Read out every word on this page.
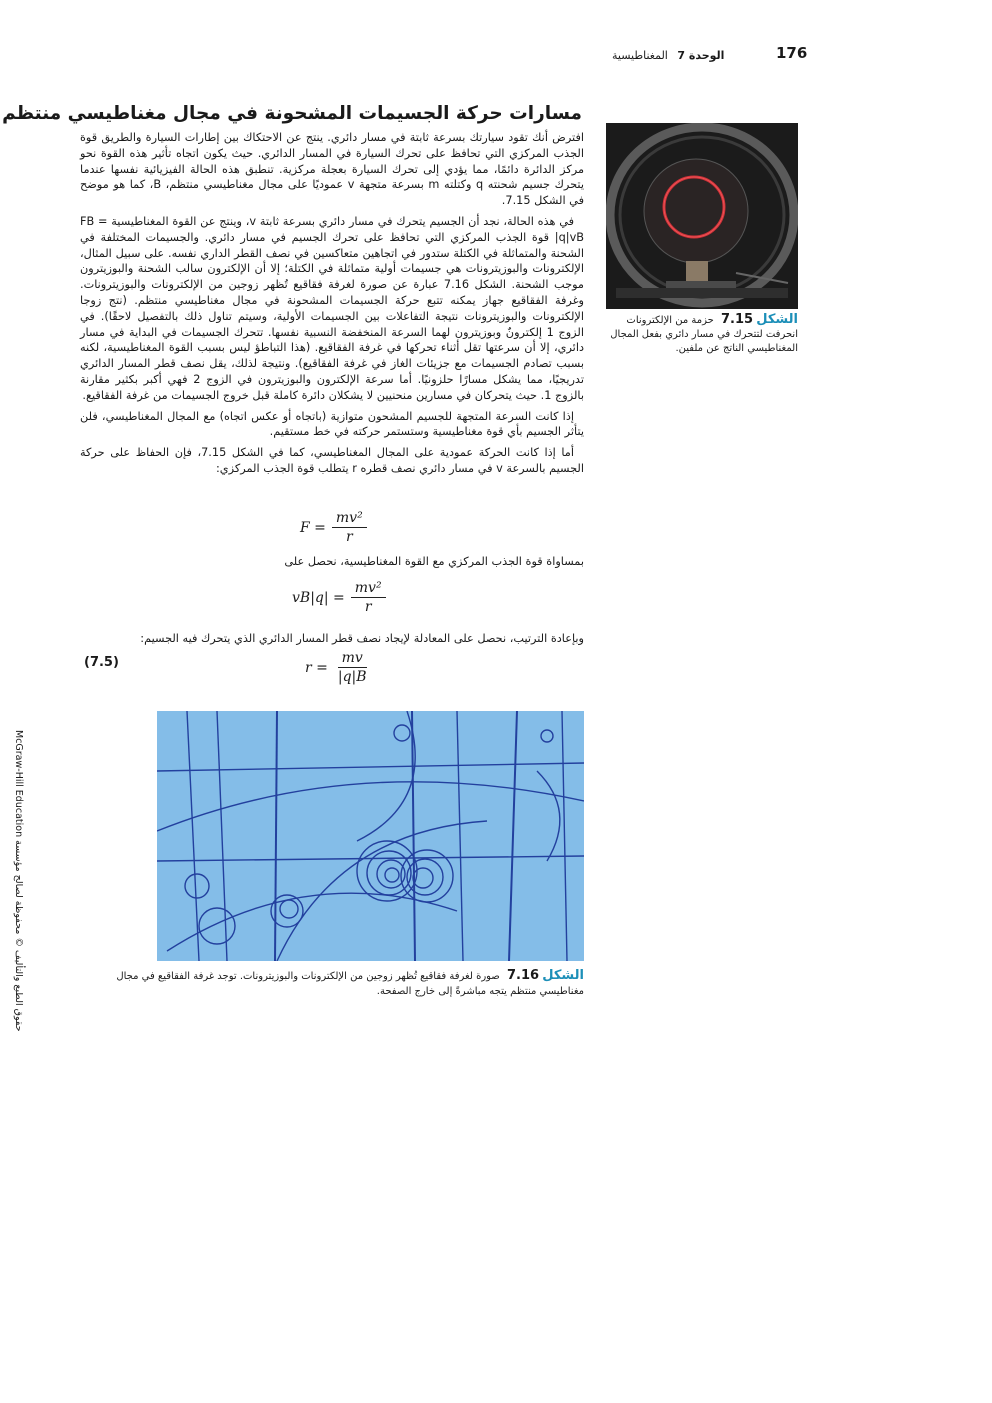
176
الوحدة 7 المغناطيسية
مسارات حركة الجسيمات المشحونة في مجال مغناطيسي منتظم

افترض أنك تقود سيارتك بسرعة ثابتة في مسار دائري. ينتج عن الاحتكاك بين إطارات السيارة والطريق قوة الجذب المركزي التي تحافظ على تحرك السيارة في المسار الدائري. حيث يكون اتجاه تأثير هذه القوة نحو مركز الدائرة دائمًا، مما يؤدي إلى تحرك السيارة بعجلة مركزية. تنطبق هذه الحالة الفيزيائية نفسها عندما يتحرك جسيم شحنته q وكتلته m بسرعة متجهة v عموديًا على مجال مغناطيسي منتظم، B، كما هو موضح في الشكل 7.15.

في هذه الحالة، نجد أن الجسيم يتحرك في مسار دائري بسرعة ثابتة v، وينتج عن القوة المغناطيسية FB = |q|vB قوة الجذب المركزي التي تحافظ على تحرك الجسيم في مسار دائري. والجسيمات المختلفة في الشحنة والمتماثلة في الكتلة ستدور في اتجاهين متعاكسين في نصف القطر الداري نفسه. على سبيل المثال، الإلكترونات والبوزيترونات هي جسيمات أولية متماثلة في الكتلة؛ إلا أن الإلكترون سالب الشحنة والبوزيترون موجب الشحنة. الشكل 7.16 عبارة عن صورة لغرفة فقاقيع تُظهر زوجين من الإلكترونات والبوزيترونات. وغرفة الفقاقيع جهاز يمكنه تتبع حركة الجسيمات المشحونة في مجال مغناطيسي منتظم. (نتج زوجا الإلكترونات والبوزيترونات نتيجة التفاعلات بين الجسيمات الأولية، وسيتم تناول ذلك بالتفصيل لاحقًا). في الزوج 1 إلكترونٌ وبوزيترون لهما السرعة المنخفضة النسبية نفسها. تتحرك الجسيمات في البداية في مسار دائري، إلا أن سرعتها تقل أثناء تحركها في غرفة الفقاقيع. (هذا التباطؤ ليس بسبب القوة المغناطيسية، لكنه بسبب تصادم الجسيمات مع جزيئات الغاز في غرفة الفقاقيع). ونتيجة لذلك، يقل نصف قطر المسار الدائري تدريجيًا، مما يشكل مسارًا حلزونيًا. أما سرعة الإلكترون والبوزيترون في الزوج 2 فهي أكبر بكثير مقارنة بالزوج 1. حيث يتحركان في مسارين منحنيين لا يشكلان دائرة كاملة قبل خروج الجسيمات من غرفة الفقاقيع.

إذا كانت السرعة المتجهة للجسيم المشحون متوازية (باتجاه أو عكس اتجاه) مع المجال المغناطيسي، فلن يتأثر الجسيم بأي قوة مغناطيسية وستستمر حركته في خط مستقيم.

أما إذا كانت الحركة عمودية على المجال المغناطيسي، كما في الشكل 7.15، فإن الحفاظ على حركة الجسيم بالسرعة v في مسار دائري نصف قطره r يتطلب قوة الجذب المركزي:

$F = \frac{\text{mv²}}{r}$
بمساواة قوة الجذب المركزي مع القوة المغناطيسية، نحصل على
$vB|q| = \frac{\text{mv²}}{r}$
وبإعادة الترتيب، نحصل على المعادلة لإيجاد نصف قطر المسار الدائري الذي يتحرك فيه الجسيم:
$r = \frac{mv}{|q|B}$
(7.5)
الشكل 7.15 حزمة من الإلكترونات انحرفت لتتحرك في مسار دائري بفعل المجال المغناطيسي الناتج عن ملفين.
الشكل 7.16 صورة لغرفة فقاقيع تُظهر زوجين من الإلكترونات والبوزيترونات. توجد غرفة الفقاقيع في مجال مغناطيسي منتظم يتجه مباشرةً إلى خارج الصفحة.
حقوق الطبع والتأليف © محفوظة لصالح مؤسسة McGraw-Hill Education
